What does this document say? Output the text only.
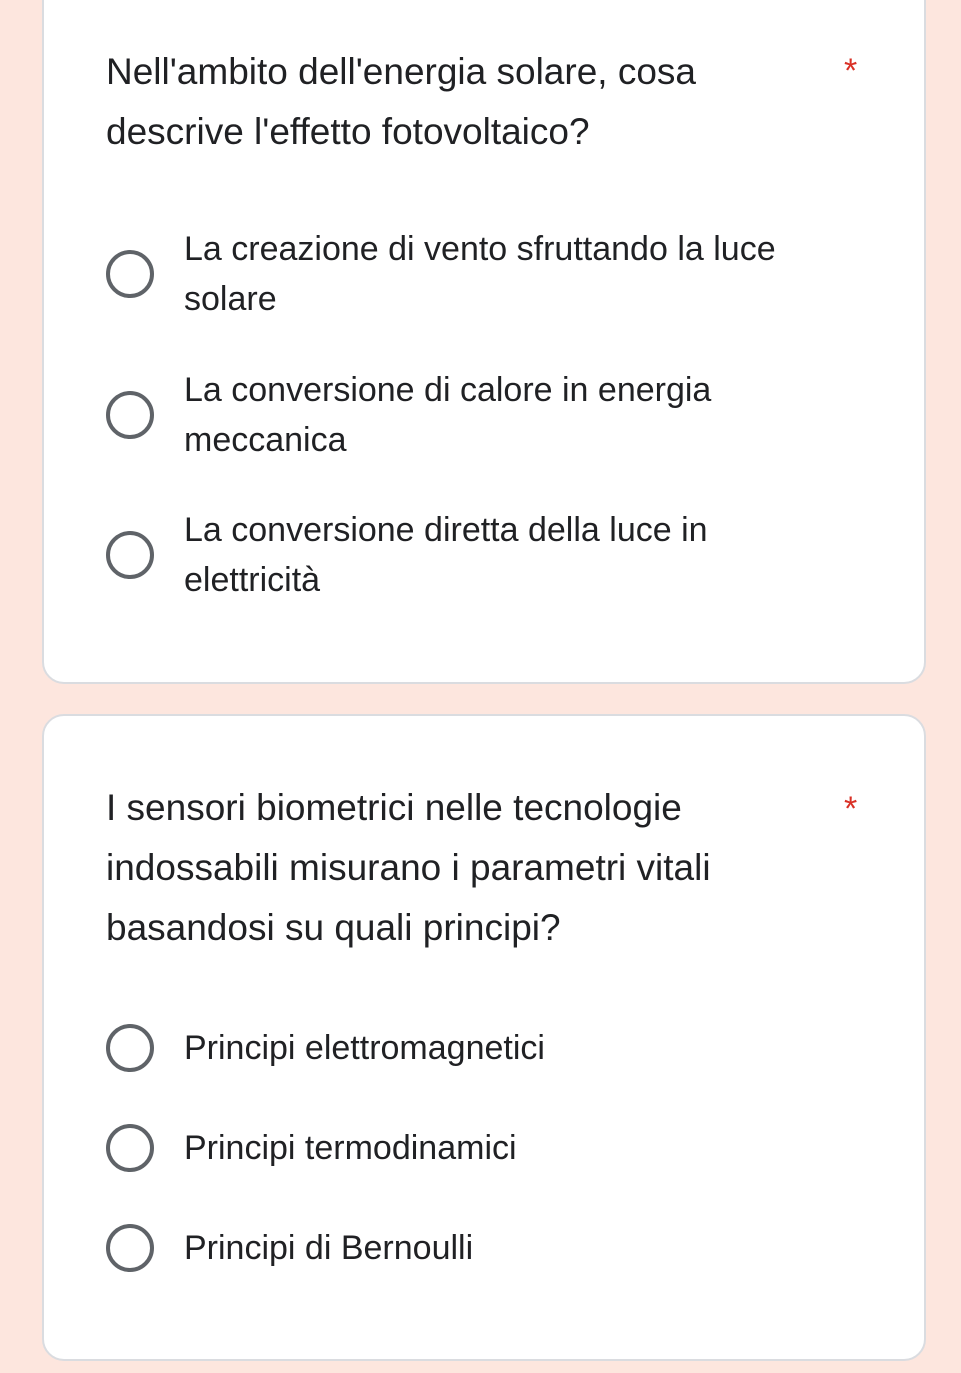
Nell'ambito dell'energia solare, cosa descrive l'effetto fotovoltaico?
*
La creazione di vento sfruttando la luce solare
La conversione di calore in energia meccanica
La conversione diretta della luce in elettricità
I sensori biometrici nelle tecnologie indossabili misurano i parametri vitali basandosi su quali principi?
*
Principi elettromagnetici
Principi termodinamici
Principi di Bernoulli
